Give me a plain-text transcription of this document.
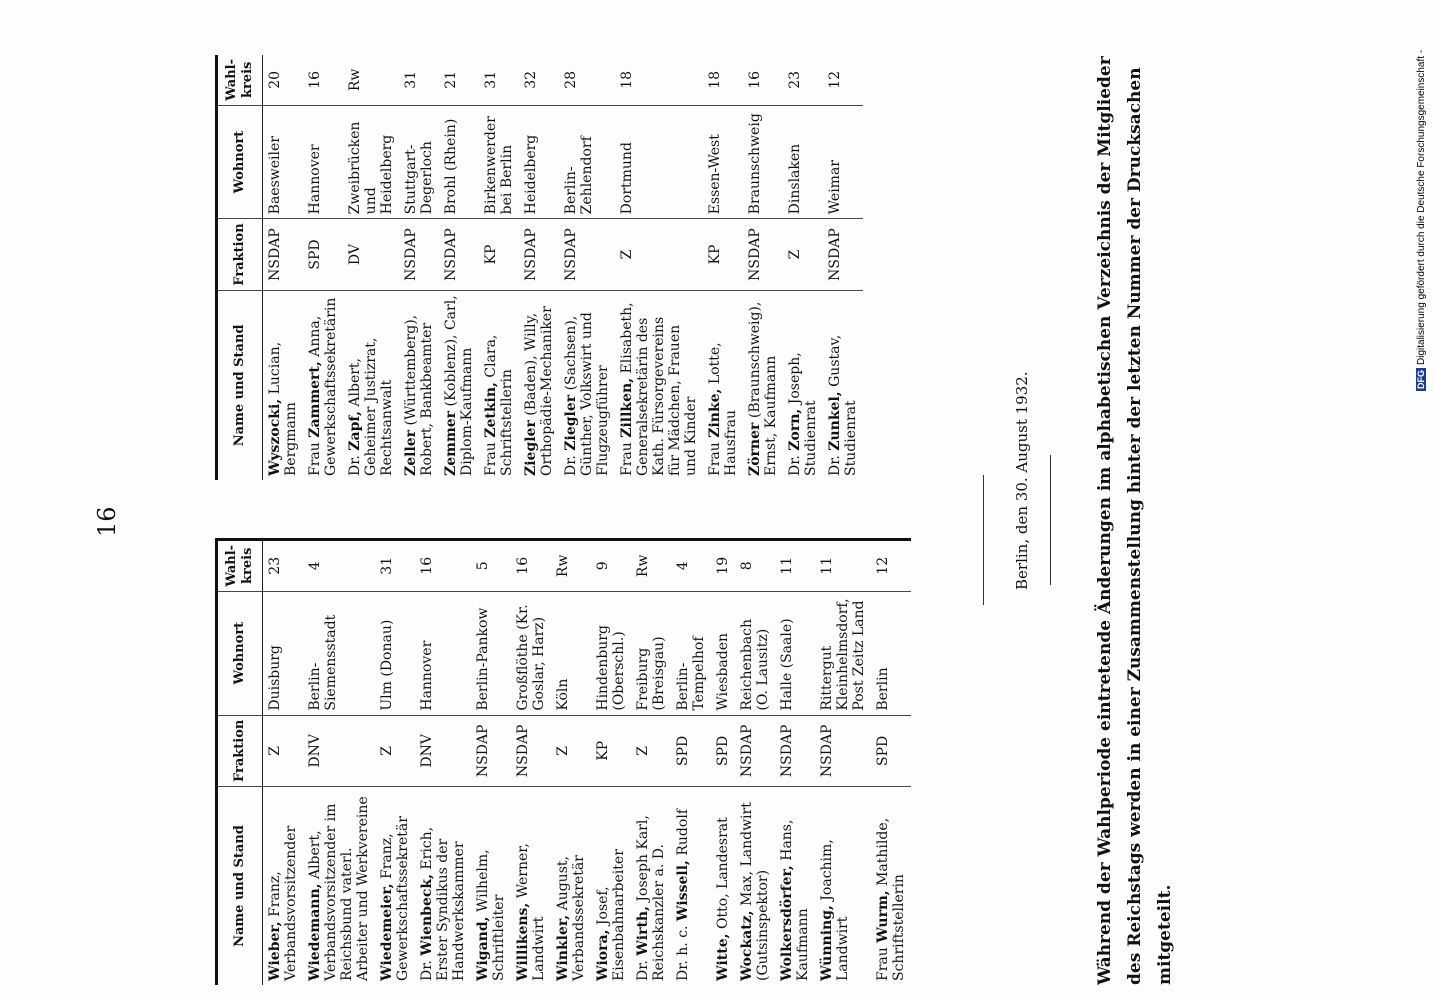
16
Name und Stand	Fraktion	Wohnort	Wahl-kreis
Wieber, Franz, Verbandsvorsitzender	Z	Duisburg	23
Wiedemann, Albert, Verbandsvorsitzender im Reichsbund vaterl. Arbeiter und Werkvereine	DNV	Berlin-Siemensstadt	4
Wiedemeier, Franz, Gewerkschaftssekretär	Z	Ulm (Donau)	31
Dr. Wienbeck, Erich, Erster Syndikus der Handwerkskammer	DNV	Hannover	16
Wigand, Wilhelm, Schriftleiter	NSDAP	Berlin-Pankow	5
Willikens, Werner, Landwirt	NSDAP	Großflöthe (Kr. Goslar, Harz)	16
Winkler, August, Verbandssekretär	Z	Köln	Rw
Wiora, Josef, Eisenbahnarbeiter	KP	Hindenburg (Oberschl.)	9
Dr. Wirth, Joseph Karl, Reichskanzler a. D.	Z	Freiburg (Breisgau)	Rw
Dr. h. c. Wissell, Rudolf	SPD	Berlin-Tempelhof	4
Witte, Otto, Landesrat	SPD	Wiesbaden	19
Wockatz, Max, Landwirt (Gutsinspektor)	NSDAP	Reichenbach (O. Lausitz)	8
Wolkersdörfer, Hans, Kaufmann	NSDAP	Halle (Saale)	11
Wünning, Joachim, Landwirt	NSDAP	Rittergut Kleinhelmsdorf, Post Zeitz Land	11
Frau Wurm, Mathilde, Schriftstellerin	SPD	Berlin	12
Name und Stand	Fraktion	Wohnort	Wahl-kreis
Wyszocki, Lucian, Bergmann	NSDAP	Baesweiler	20
Frau Zammert, Anna, Gewerkschaftssekretärin	SPD	Hannover	16
Dr. Zapf, Albert, Geheimer Justizrat, Rechtsanwalt	DV	Zweibrücken und Heidelberg	Rw
Zeller (Württemberg), Robert, Bankbeamter	NSDAP	Stuttgart-Degerloch	31
Zemmer (Koblenz), Carl, Diplom-Kaufmann	NSDAP	Brohl (Rhein)	21
Frau Zetkin, Clara, Schriftstellerin	KP	Birkenwerder bei Berlin	31
Ziegler (Baden), Willy, Orthopädie-Mechaniker	NSDAP	Heidelberg	32
Dr. Ziegler (Sachsen), Günther, Volkswirt und Flugzeugführer	NSDAP	Berlin-Zehlendorf	28
Frau Zillken, Elisabeth, Generalsekretärin des Kath. Fürsorgevereins für Mädchen, Frauen und Kinder	Z	Dortmund	18
Frau Zinke, Lotte, Hausfrau	KP	Essen-West	18
Zörner (Braunschweig), Ernst, Kaufmann	NSDAP	Braunschweig	16
Dr. Zorn, Joseph, Studienrat	Z	Dinslaken	23
Dr. Zunkel, Gustav, Studienrat	NSDAP	Weimar	12
Berlin, den 30. August 1932.	Während der Wahlperiode eintretende Änderungen im alphabetischen Verzeichnis der Mitglieder des Reichstags werden in einer Zusammenstellung hinter der letzten Nummer der Drucksachen mitgeteilt.
DFGDigitalisierung gefördert durch die Deutsche Forschungsgemeinschaft -
